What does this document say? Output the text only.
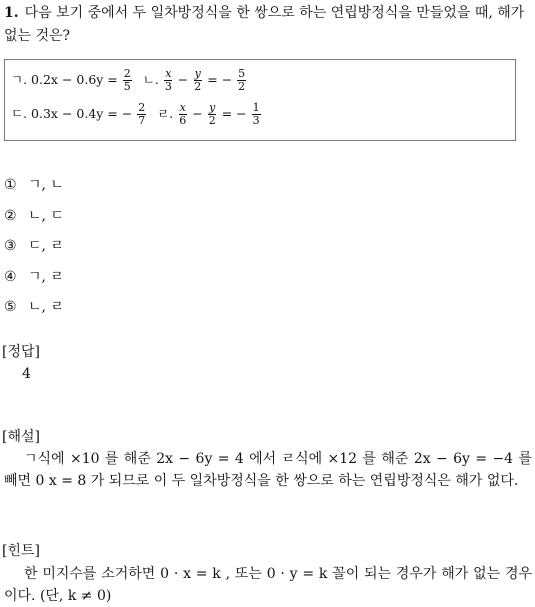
1. 다음 보기 중에서 두 일차방정식을 한 쌍으로 하는 연립방정식을 만들었을 때, 해가 없는 것은?
ㄱ. $0.2x - 0.6y = \frac{2}{5}$ ㄴ. $\frac{x}{3} - \frac{y}{2}$ = − $\frac{5}{2}$
ㄷ. 0.3x − 0.4y = − $\frac{2}{7}$ ㄹ. $\frac{x}{6} - \frac{y}{2}$ = − $\frac{1}{3}$
① ㄱ, ㄴ
② ㄴ, ㄷ
③ ㄷ, ㄹ
④ ㄱ, ㄹ
⑤ ㄴ, ㄹ
[정답]
4
[해설]
ㄱ식에 ×10 를 해준 2x − 6y = 4 에서 ㄹ식에 ×12 를 해준 2x − 6y = −4 를 빼면 0 x = 8 가 되므로 이 두 일차방정식을 한 쌍으로 하는 연립방정식은 해가 없다.
[힌트]
한 미지수를 소거하면 0 · x = k , 또는 0 · y = k 꼴이 되는 경우가 해가 없는 경우이다. (단, k ≠ 0)
